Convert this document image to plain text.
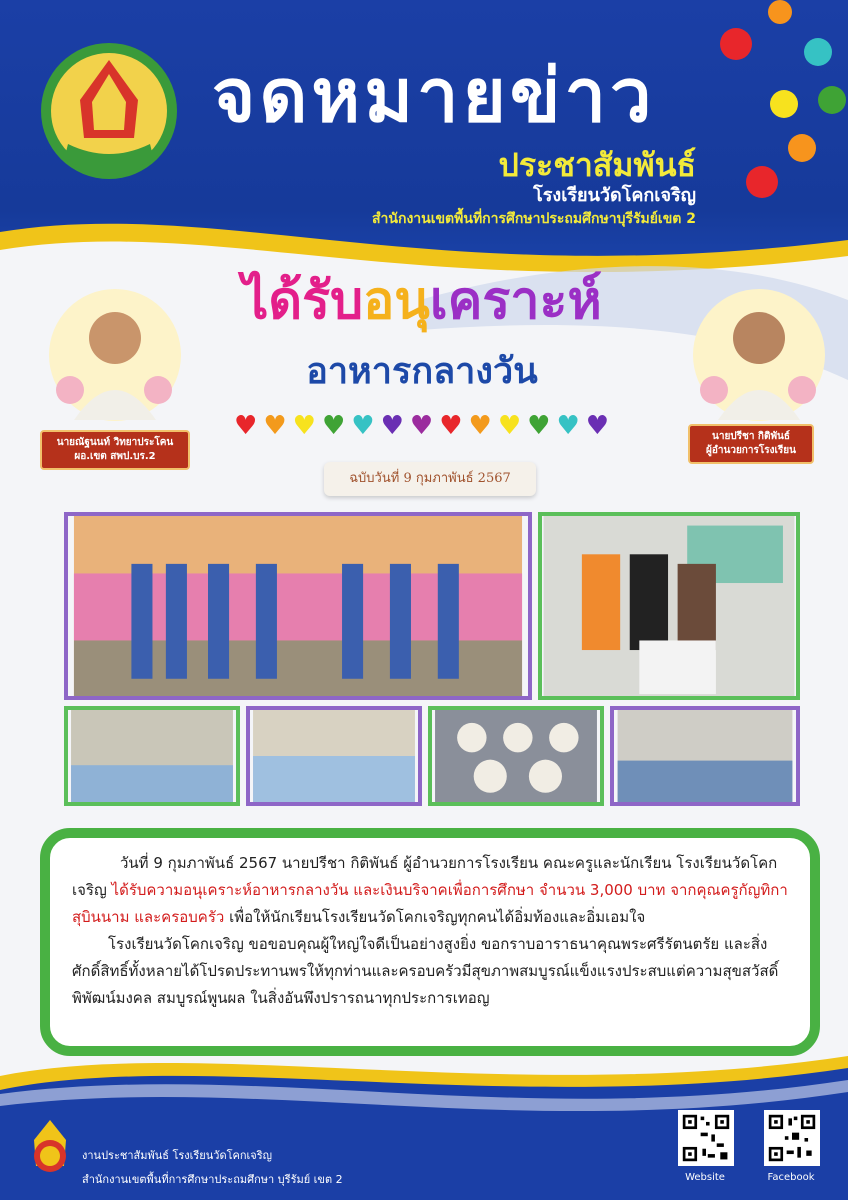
จดหมายข่าว
ประชาสัมพันธ์
โรงเรียนวัดโคกเจริญ
สำนักงานเขตพื้นที่การศึกษาประถมศึกษาบุรีรัมย์เขต 2
นายณัฐนนท์ วิทยาประโคน
ผอ.เขต สพป.บร.2
นายปรีชา กิติพันธ์
ผู้อำนวยการโรงเรียน
ได้รับอนุเคราะห์
อาหารกลางวัน
♥ ♥ ♥ ♥ ♥ ♥ ♥ ♥ ♥ ♥ ♥ ♥ ♥
ฉบับวันที่ 9 กุมภาพันธ์ 2567

วันที่ 9 กุมภาพันธ์ 2567 นายปรีชา กิติพันธ์ ผู้อำนวยการโรงเรียน คณะครูและนักเรียน โรงเรียนวัดโคกเจริญ ได้รับความอนุเคราะห์อาหารกลางวัน และเงินบริจาคเพื่อการศึกษา จำนวน 3,000 บาท จากคุณครูกัญทิกา สุบินนาม และครอบครัว เพื่อให้นักเรียนโรงเรียนวัดโคกเจริญทุกคนได้อิ่มท้องและอิ่มเอมใจ

โรงเรียนวัดโคกเจริญ ขอขอบคุณผู้ใหญ่ใจดีเป็นอย่างสูงยิ่ง ขอกราบอาราธนาคุณพระศรีรัตนตรัย และสิ่งศักดิ์สิทธิ์ทั้งหลายได้โปรดประทานพรให้ทุกท่านและครอบครัวมีสุขภาพสมบูรณ์แข็งแรงประสบแต่ความสุขสวัสดิ์พิพัฒน์มงคล สมบูรณ์พูนผล ในสิ่งอันพึงปรารถนาทุกประการเทอญ

งานประชาสัมพันธ์ โรงเรียนวัดโคกเจริญ
สำนักงานเขตพื้นที่การศึกษาประถมศึกษา บุรีรัมย์ เขต 2	Website	Facebook
